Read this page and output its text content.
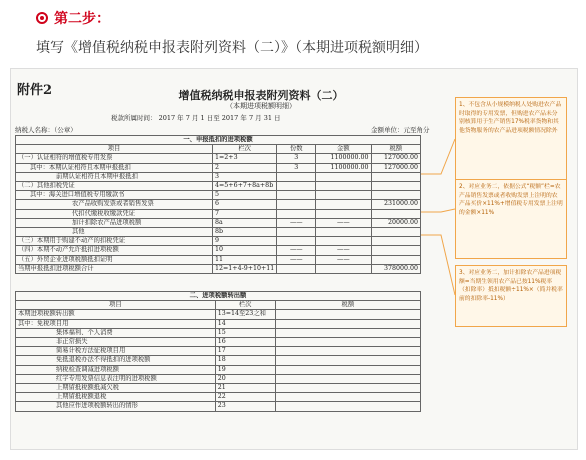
第二步：
填写《增值税纳税申报表附列资料（二）》（本期进项税额明细）
附件2	增值税纳税申报表附列资料（二）
（本期进项税额明细）
税款所属时间： 2017 年 7 月 1 日至 2017 年 7 月 31 日
纳税人名称：（公章）	金额单位：元至角分
一、申报抵扣的进项税额				
项目	栏次	份数	金额	税额
（一）认证相符的增值税专用发票	1=2+3	3	1100000.00	127000.00
其中：本期认证相符且本期申报抵扣	2	3	1100000.00	127000.00
前期认证相符且本期申报抵扣	3			
（二）其他扣税凭证	4=5+6+7+8a+8b			
其中：海关进口增值税专用缴款书	5			
农产品收购发票或者销售发票	6			231000.00
代扣代缴税收缴款凭证	7			
加计扣除农产品进项税额	8a	——	——	20000.00
其他	8b			
（三）本期用于购建不动产的扣税凭证	9			
（四）本期不动产允许抵扣进项税额	10	——	——	
（五）外贸企业进项税额抵扣证明	11	——	——	
当期申报抵扣进项税额合计	12=1+4-9+10+11			378000.00
二、进项税额转出额		
项目	栏次	税额
本期进项税额转出额	13=14至23之和	
其中：免税项目用	14	
集体福利、个人消费	15	
非正常损失	16	
简易计税方法征税项目用	17	
免抵退税办法不得抵扣的进项税额	18	
纳税检查调减进项税额	19	
红字专用发票信息表注明的进项税额	20	
上期留抵税额抵减欠税	21	
上期留抵税额退税	22	
其他应作进项税额转出的情形	23	
1、不包含从小规模纳税人处购进农产品时取得的专用发票，但购进农产品未分别核算用于生产销售17%税率货物和其他货物服务的农产品进项税额情况除外
2、对应业务二，依据公式“税额”栏=农产品销售发票或者收购发票上注明的农产品买价×11%+增值税专用发票上注明的金额×11%
3、对应业务二，加计扣除农产品进项税额=当期生领用农产品已按11%税率（扣除率）抵扣税额÷11%×（简并税率前的扣除率-11%）
